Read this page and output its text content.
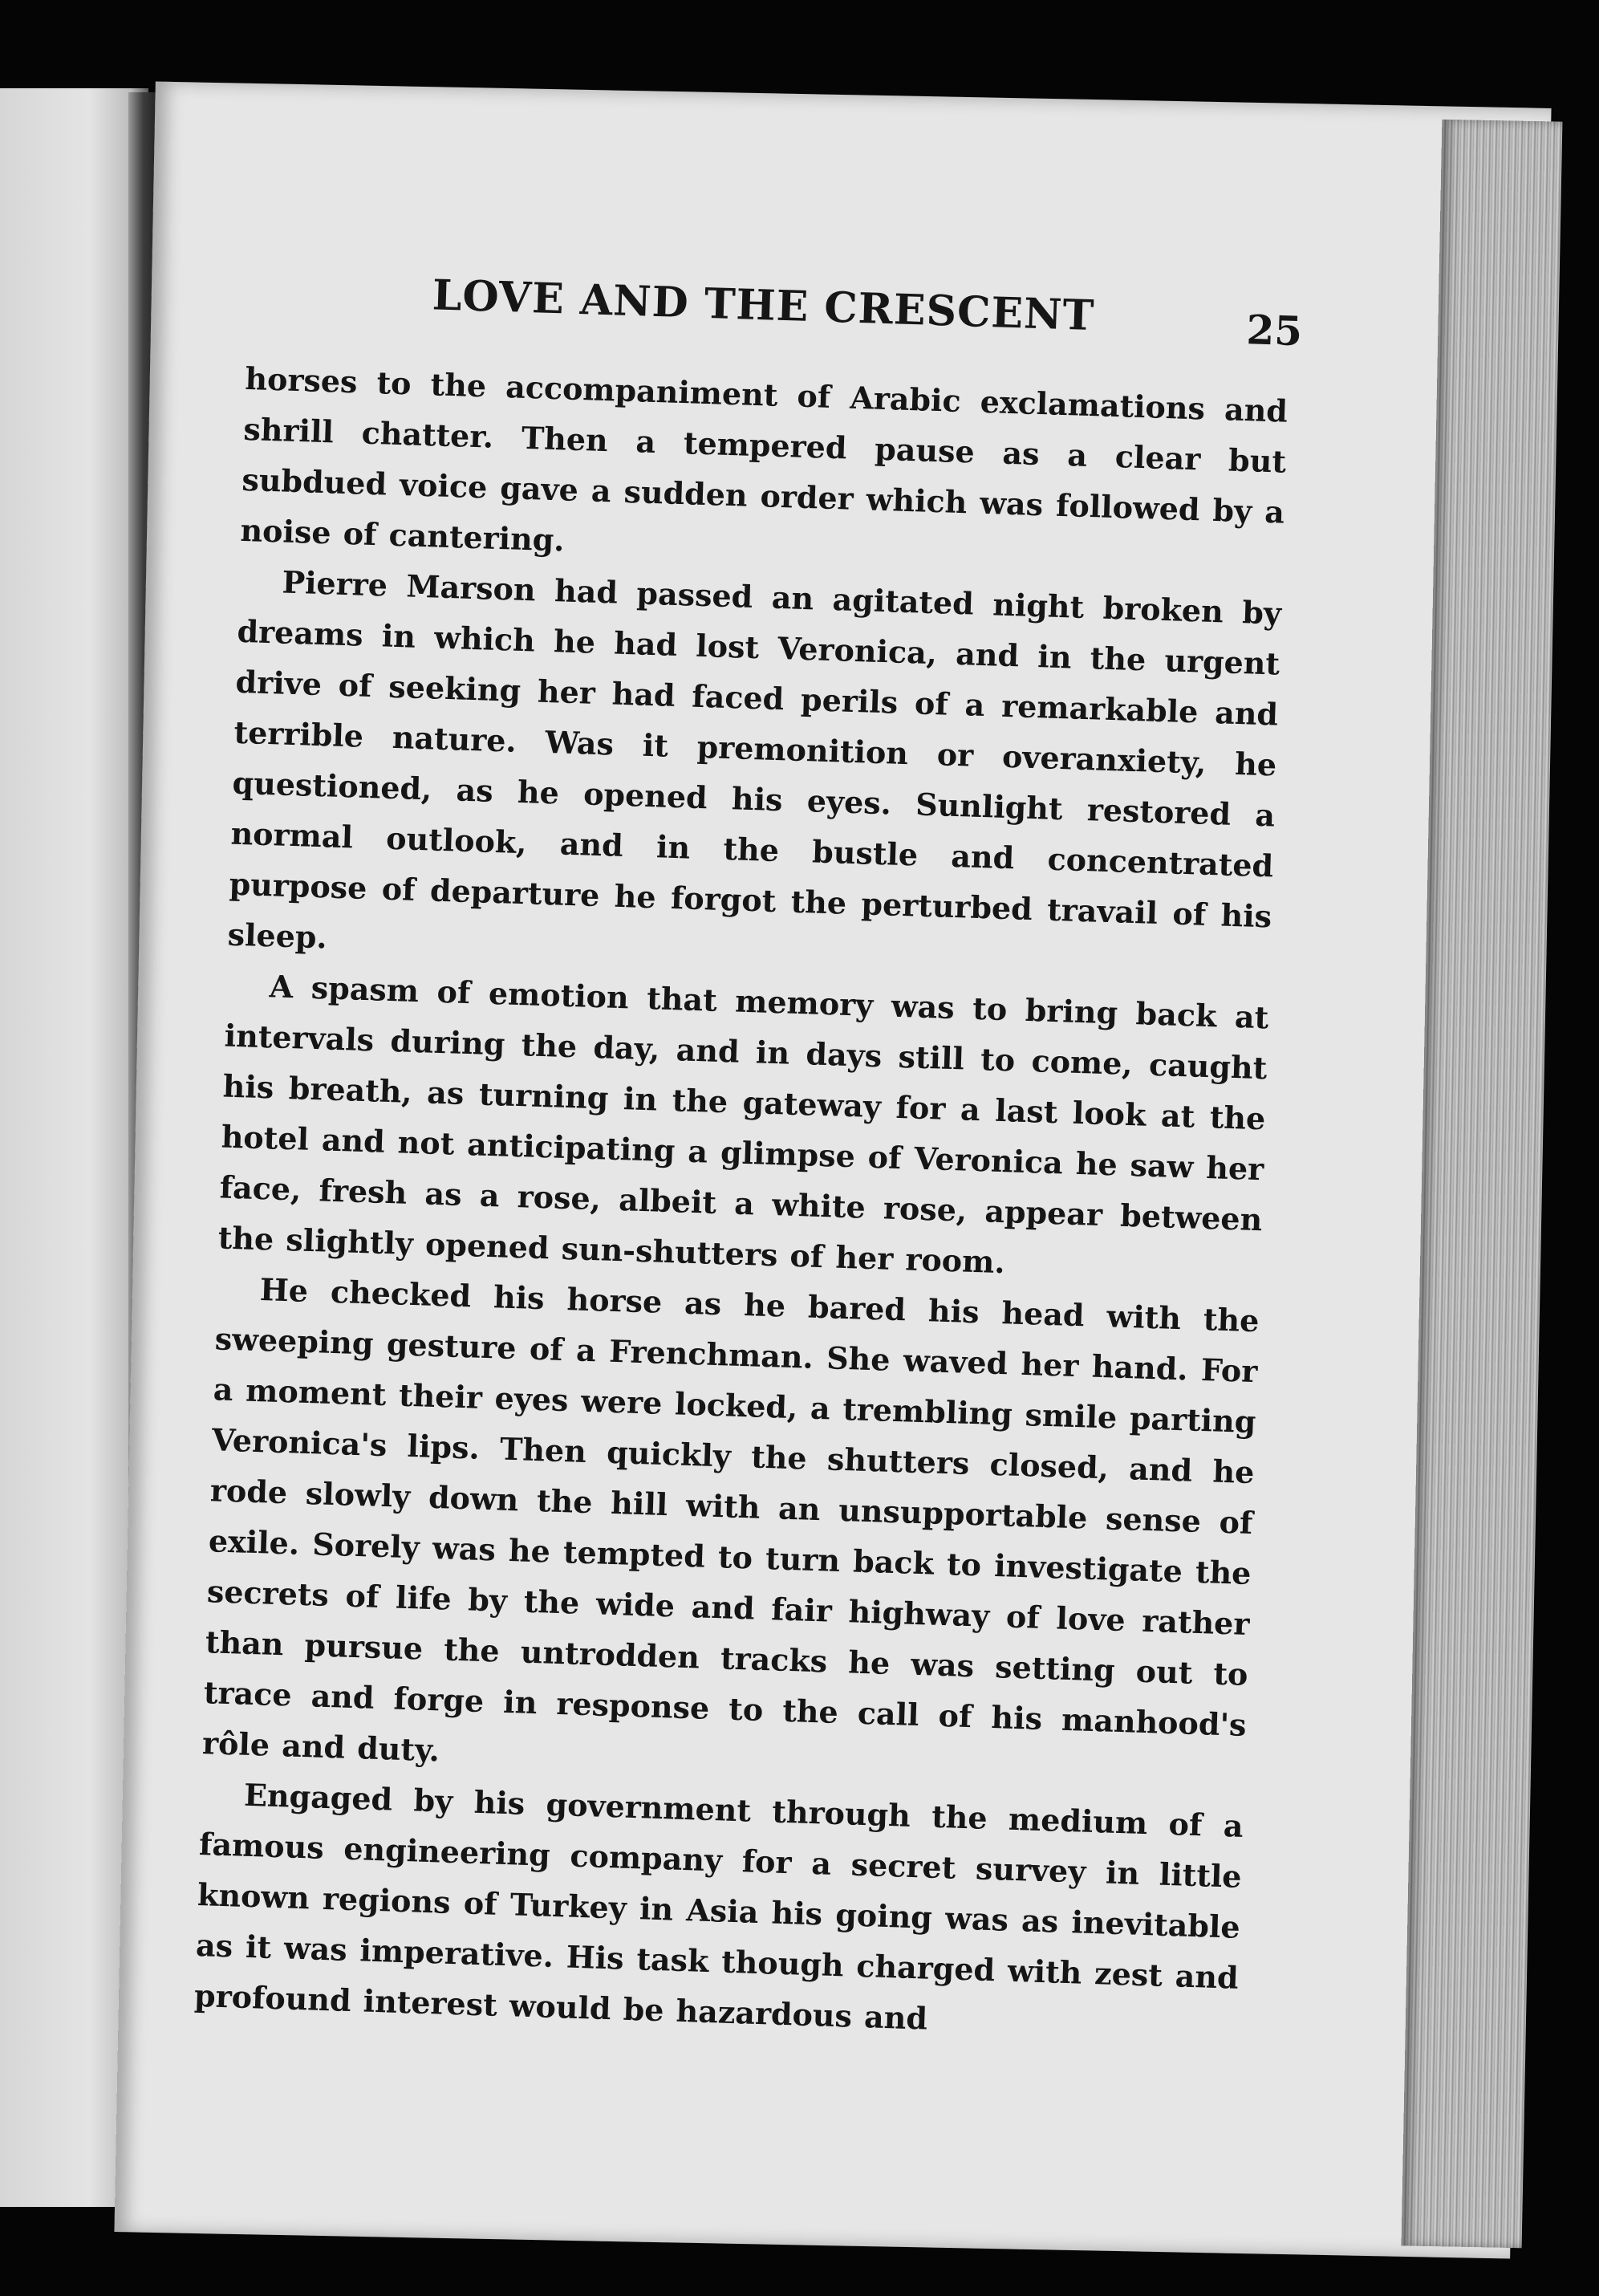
LOVE AND THE CRESCENT	25

horses to the accompaniment of Arabic exclamations and shrill chatter. Then a tempered pause as a clear but subdued voice gave a sudden order which was followed by a noise of cantering.

Pierre Marson had passed an agitated night broken by dreams in which he had lost Veronica, and in the urgent drive of seeking her had faced perils of a remarkable and terrible nature. Was it premonition or overanxiety, he questioned, as he opened his eyes. Sunlight restored a normal outlook, and in the bustle and concentrated purpose of departure he forgot the perturbed travail of his sleep.

A spasm of emotion that memory was to bring back at intervals during the day, and in days still to come, caught his breath, as turning in the gateway for a last look at the hotel and not anticipating a glimpse of Veronica he saw her face, fresh as a rose, albeit a white rose, appear between the slightly opened sun-shutters of her room.

He checked his horse as he bared his head with the sweeping gesture of a Frenchman. She waved her hand. For a moment their eyes were locked, a trembling smile parting Veronica's lips. Then quickly the shutters closed, and he rode slowly down the hill with an unsupportable sense of exile. Sorely was he tempted to turn back to investigate the secrets of life by the wide and fair highway of love rather than pursue the untrodden tracks he was setting out to trace and forge in response to the call of his manhood's rôle and duty.

Engaged by his government through the medium of a famous engineering company for a secret survey in little known regions of Turkey in Asia his going was as inevitable as it was imperative. His task though charged with zest and profound interest would be hazardous and
